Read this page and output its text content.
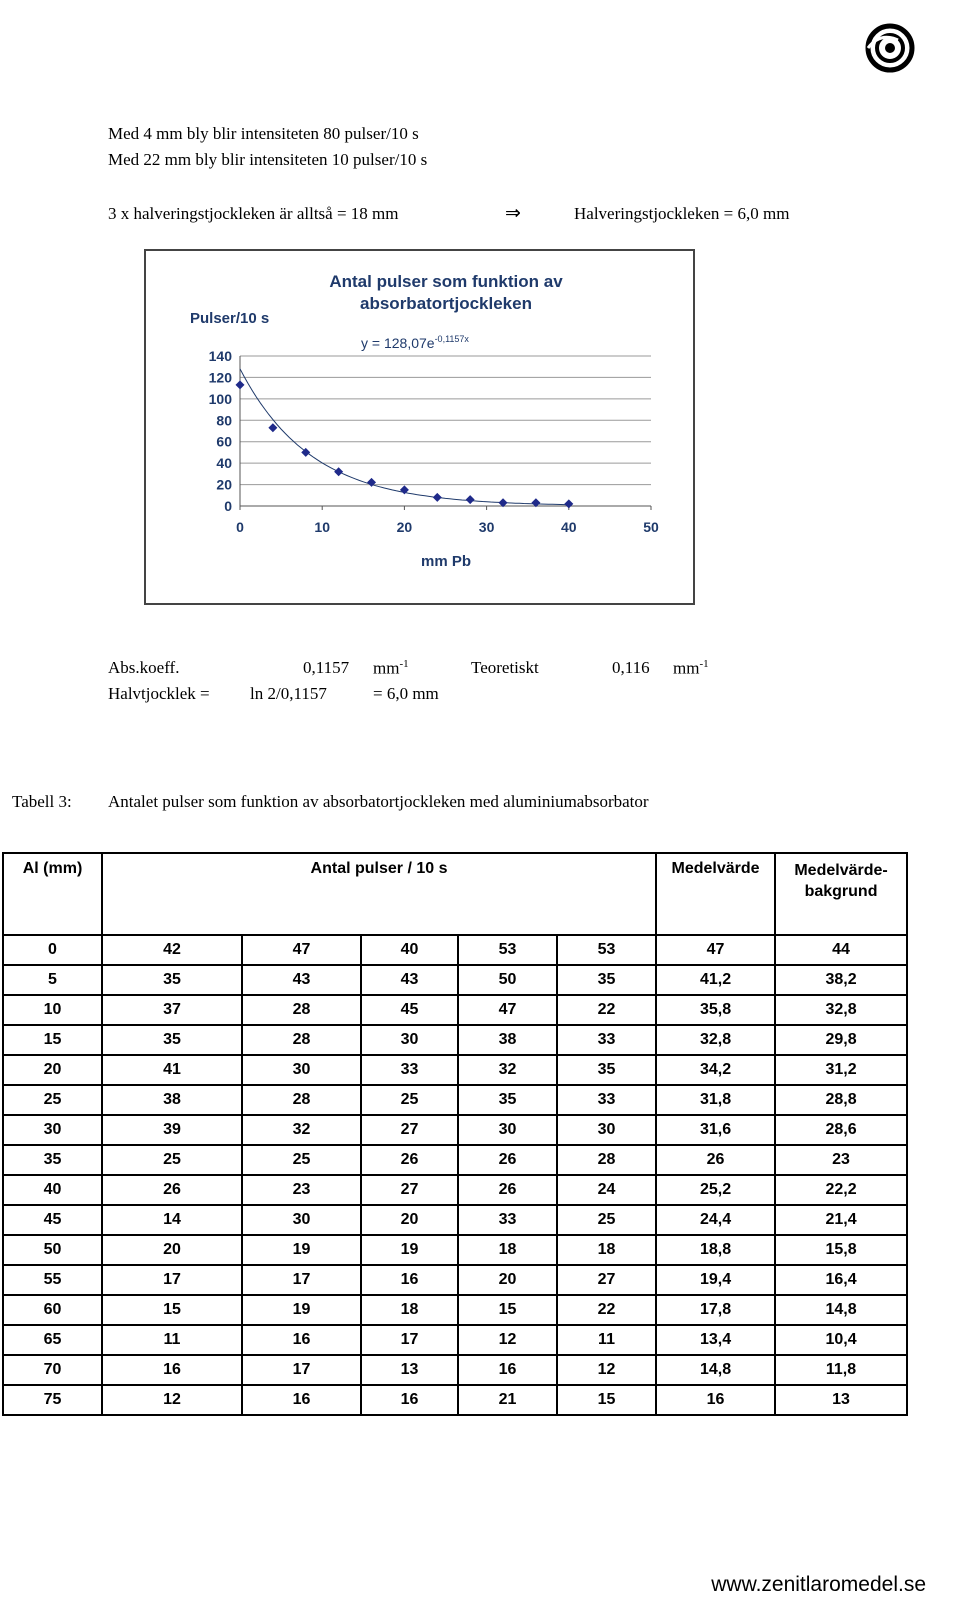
Med 4 mm bly blir intensiteten 80 pulser/10 s
Med 22 mm bly blir intensiteten 10 pulser/10 s
3 x halveringstjockleken är alltså = 18 mm	⇒	Halveringstjockleken = 6,0 mm
Antal pulser som funktion av
absorbatortjockleken
Pulser/10 s
$y = 128,07e^{-0,1157x}$
0
20
40
60
80
100
120
140
0	10	20	30	40	50
mm Pb
Abs.koeff.	0,1157 $mm^{-1}$	Teoretiskt	0,116 $mm^{-1}$
Halvtjocklek = ln 2/0,1157	= 6,0 mm
Tabell 3: Antalet pulser som funktion av absorbatortjockleken med aluminiumabsorbator
Al (mm)	Antal pulser / 10 s					Medelvärde	Medelvärde-
bakgrund
0	42	47	40	53	53	47	44
5	35	43	43	50	35	41,2	38,2
10	37	28	45	47	22	35,8	32,8
15	35	28	30	38	33	32,8	29,8
20	41	30	33	32	35	34,2	31,2
25	38	28	25	35	33	31,8	28,8
30	39	32	27	30	30	31,6	28,6
35	25	25	26	26	28	26	23
40	26	23	27	26	24	25,2	22,2
45	14	30	20	33	25	24,4	21,4
50	20	19	19	18	18	18,8	15,8
55	17	17	16	20	27	19,4	16,4
60	15	19	18	15	22	17,8	14,8
65	11	16	17	12	11	13,4	10,4
70	16	17	13	16	12	14,8	11,8
75	12	16	16	21	15	16	13
www.zenitlaromedel.se
